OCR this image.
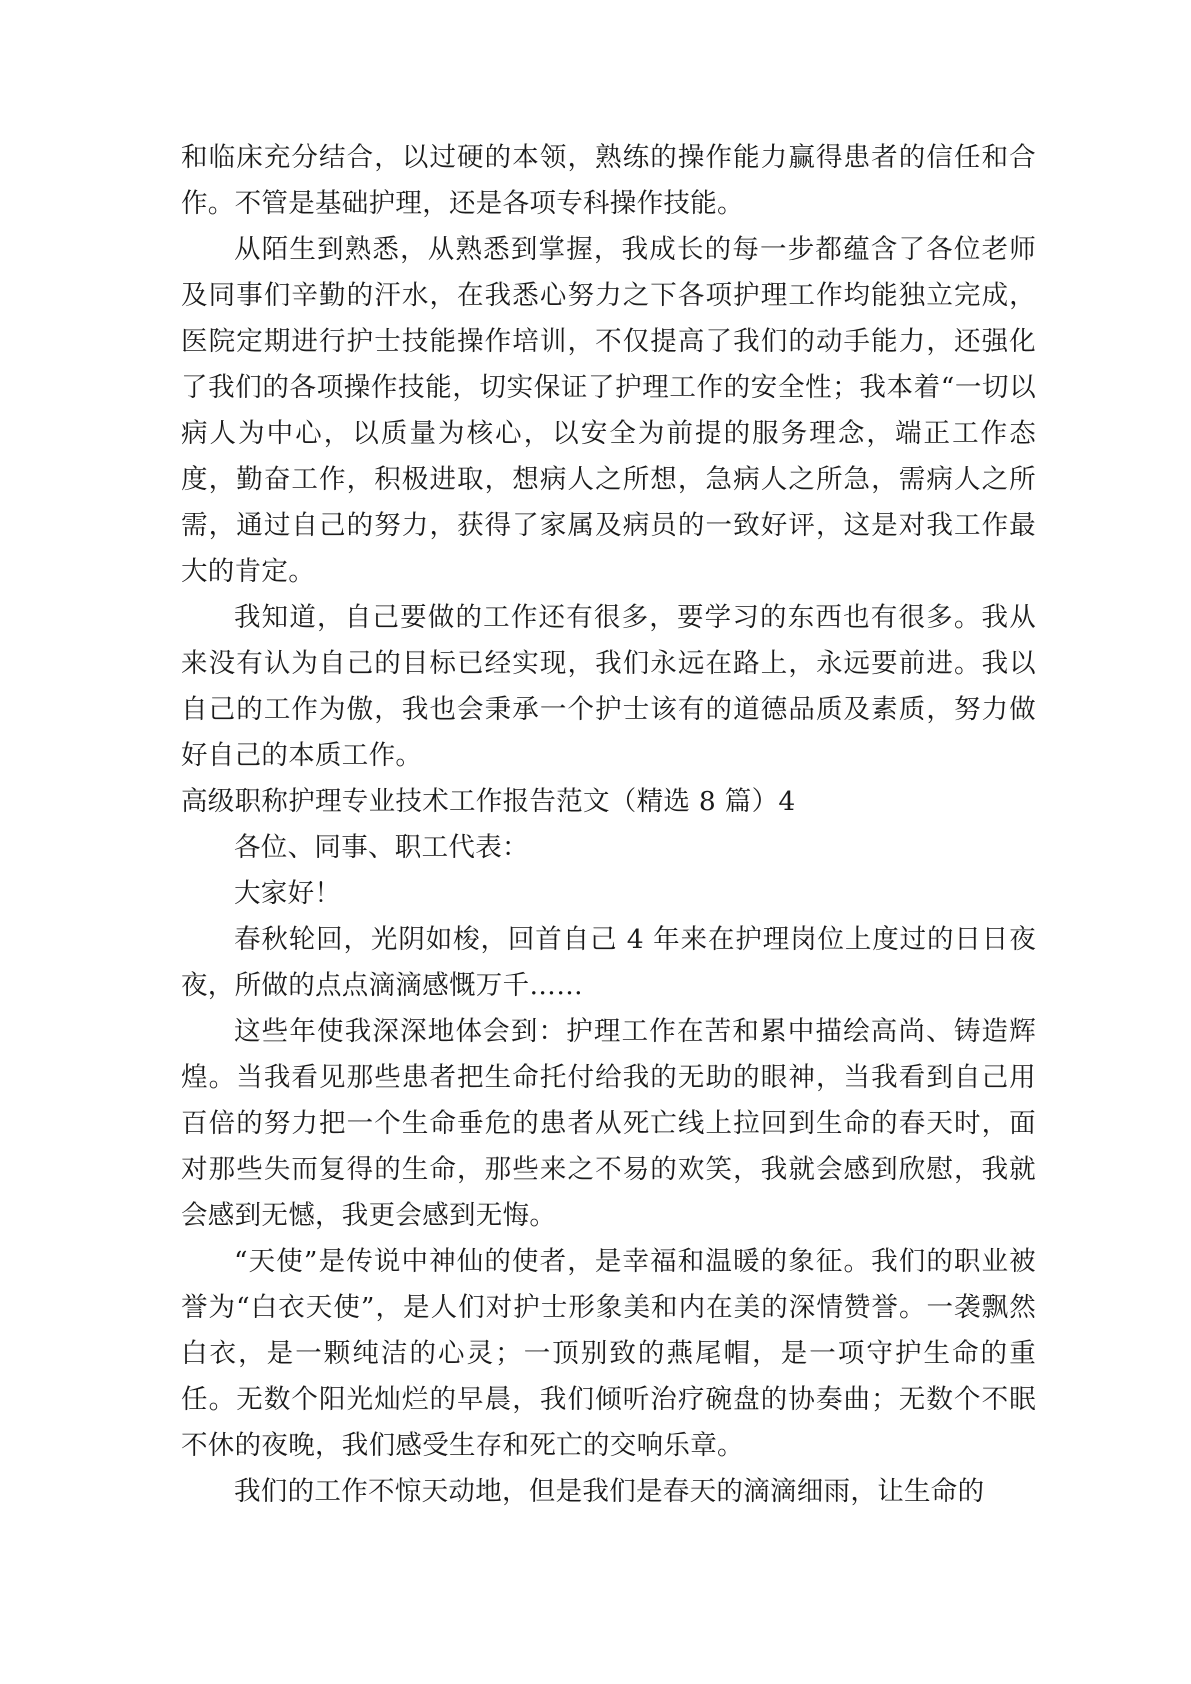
和临床充分结合，以过硬的本领，熟练的操作能力赢得患者的信任和合作。不管是基础护理，还是各项专科操作技能。

从陌生到熟悉，从熟悉到掌握，我成长的每一步都蕴含了各位老师及同事们辛勤的汗水，在我悉心努力之下各项护理工作均能独立完成，医院定期进行护士技能操作培训，不仅提高了我们的动手能力，还强化了我们的各项操作技能，切实保证了护理工作的安全性；我本着“一切以病人为中心，以质量为核心，以安全为前提的服务理念，端正工作态度，勤奋工作，积极进取，想病人之所想，急病人之所急，需病人之所需，通过自己的努力，获得了家属及病员的一致好评，这是对我工作最大的肯定。

我知道，自己要做的工作还有很多，要学习的东西也有很多。我从来没有认为自己的目标已经实现，我们永远在路上，永远要前进。我以自己的工作为傲，我也会秉承一个护士该有的道德品质及素质，努力做好自己的本质工作。

高级职称护理专业技术工作报告范文（精选 8 篇）4

各位、同事、职工代表：

大家好！

春秋轮回，光阴如梭，回首自己 4 年来在护理岗位上度过的日日夜夜，所做的点点滴滴感慨万千……

这些年使我深深地体会到：护理工作在苦和累中描绘高尚、铸造辉煌。当我看见那些患者把生命托付给我的无助的眼神，当我看到自己用百倍的努力把一个生命垂危的患者从死亡线上拉回到生命的春天时，面对那些失而复得的生命，那些来之不易的欢笑，我就会感到欣慰，我就会感到无憾，我更会感到无悔。

“天使”是传说中神仙的使者，是幸福和温暖的象征。我们的职业被誉为“白衣天使”，是人们对护士形象美和内在美的深情赞誉。一袭飘然白衣，是一颗纯洁的心灵；一顶别致的燕尾帽，是一项守护生命的重任。无数个阳光灿烂的早晨，我们倾听治疗碗盘的协奏曲；无数个不眠不休的夜晚，我们感受生存和死亡的交响乐章。

我们的工作不惊天动地，但是我们是春天的滴滴细雨，让生命的
